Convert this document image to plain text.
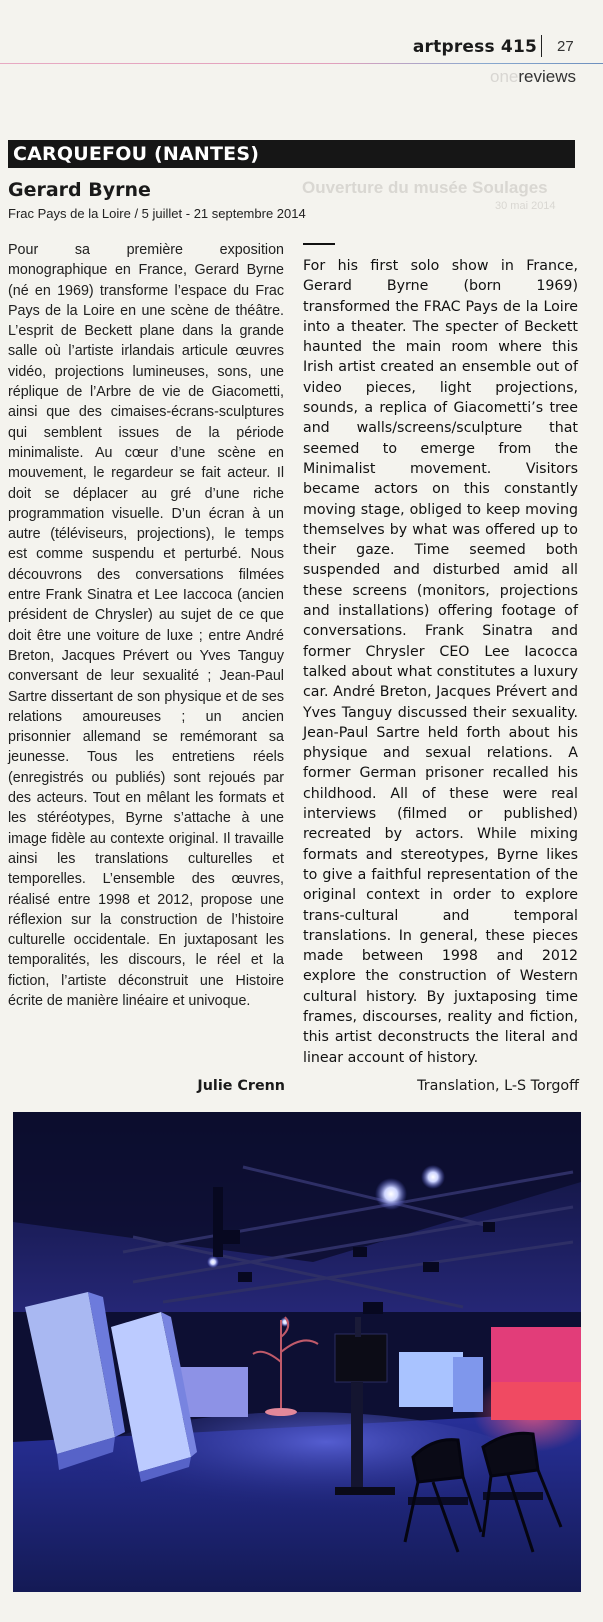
artpress 415 27
onereviews
Ouverture du musée Soulages
30 mai 2014
CARQUEFOU (NANTES)
Gerard Byrne
Frac Pays de la Loire / 5 juillet - 21 septembre 2014
Pour sa première exposition monographique en France, Gerard Byrne (né en 1969) transforme l’espace du Frac Pays de la Loire en une scène de théâtre. L’esprit de Beckett plane dans la grande salle où l’artiste irlandais articule œuvres vidéo, projections lumineuses, sons, une réplique de l’Arbre de vie de Giacometti, ainsi que des cimaises-écrans-sculptures qui semblent issues de la période minimaliste. Au cœur d’une scène en mouvement, le regardeur se fait acteur. Il doit se déplacer au gré d’une riche programmation visuelle. D’un écran à un autre (téléviseurs, projections), le temps est comme suspendu et perturbé. Nous découvrons des conversations filmées entre Frank Sinatra et Lee Iaccoca (ancien président de Chrysler) au sujet de ce que doit être une voiture de luxe ; entre André Breton, Jacques Prévert ou Yves Tanguy conversant de leur sexualité ; Jean-Paul Sartre dissertant de son physique et de ses relations amoureuses ; un ancien prisonnier allemand se remémorant sa jeunesse. Tous les entretiens réels (enregistrés ou publiés) sont rejoués par des acteurs. Tout en mêlant les formats et les stéréotypes, Byrne s’attache à une image fidèle au contexte original. Il travaille ainsi les translations culturelles et temporelles. L’ensemble des œuvres, réalisé entre 1998 et 2012, propose une réflexion sur la construction de l’histoire culturelle occidentale. En juxtaposant les temporalités, les discours, le réel et la fiction, l’artiste déconstruit une Histoire écrite de manière linéaire et univoque.
For his first solo show in France, Gerard Byrne (born 1969) transformed the FRAC Pays de la Loire into a theater. The specter of Beckett haunted the main room where this Irish artist created an ensemble out of video pieces, light projections, sounds, a replica of Giacometti’s tree and walls/screens/sculpture that seemed to emerge from the Minimalist movement. Visitors became actors on this constantly moving stage, obliged to keep moving themselves by what was offered up to their gaze. Time seemed both suspended and disturbed amid all these screens (monitors, projections and installations) offering footage of conversations. Frank Sinatra and former Chrysler CEO Lee Iacocca talked about what constitutes a luxury car. André Breton, Jacques Prévert and Yves Tanguy discussed their sexuality. Jean-Paul Sartre held forth about his physique and sexual relations. A former German prisoner recalled his childhood. All of these were real interviews (filmed or published) recreated by actors. While mixing formats and stereotypes, Byrne likes to give a faithful representation of the original context in order to explore trans-cultural and temporal translations. In general, these pieces made between 1998 and 2012 explore the construction of Western cultural history. By juxtaposing time frames, discourses, reality and fiction, this artist deconstructs the literal and linear account of history.
Julie Crenn	Translation, L-S Torgoff
